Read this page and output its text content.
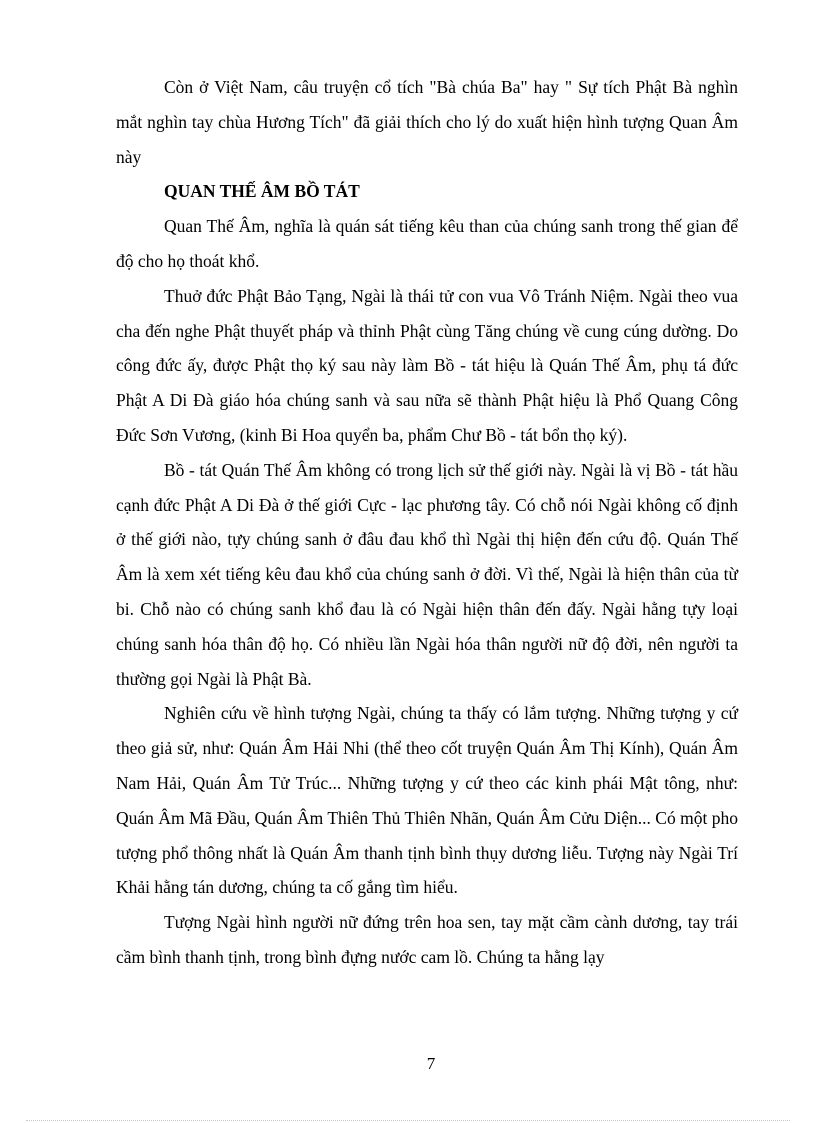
Còn ở Việt Nam, câu truyện cổ tích "Bà chúa Ba" hay " Sự tích Phật Bà nghìn mắt nghìn tay chùa Hương Tích" đã giải thích cho lý do xuất hiện hình tượng Quan Âm này

QUAN THẾ ÂM BỒ TÁT

Quan Thế Âm, nghĩa là quán sát tiếng kêu than của chúng sanh trong thế gian để độ cho họ thoát khổ.

Thuở đức Phật Bảo Tạng, Ngài là thái tử con vua Vô Tránh Niệm. Ngài theo vua cha đến nghe Phật thuyết pháp và thỉnh Phật cùng Tăng chúng về cung cúng dường. Do công đức ấy, được Phật thọ ký sau này làm Bồ - tát hiệu là Quán Thế Âm, phụ tá đức Phật A Di Đà giáo hóa chúng sanh và sau nữa sẽ thành Phật hiệu là Phổ Quang Công Đức Sơn Vương, (kinh Bi Hoa quyển ba, phẩm Chư Bồ - tát bổn thọ ký).

Bồ - tát Quán Thế Âm không có trong lịch sử thế giới này. Ngài là vị Bồ - tát hầu cạnh đức Phật A Di Đà ở thế giới Cực - lạc phương tây. Có chỗ nói Ngài không cố định ở thế giới nào, tựy chúng sanh ở đâu đau khổ thì Ngài thị hiện đến cứu độ. Quán Thế Âm là xem xét tiếng kêu đau khổ của chúng sanh ở đời. Vì thế, Ngài là hiện thân của từ bi. Chỗ nào có chúng sanh khổ đau là có Ngài hiện thân đến đấy. Ngài hằng tựy loại chúng sanh hóa thân độ họ. Có nhiều lần Ngài hóa thân người nữ độ đời, nên người ta thường gọi Ngài là Phật Bà.

Nghiên cứu về hình tượng Ngài, chúng ta thấy có lắm tượng. Những tượng y cứ theo giả sử, như: Quán Âm Hải Nhi (thể theo cốt truyện Quán Âm Thị Kính), Quán Âm Nam Hải, Quán Âm Tử Trúc... Những tượng y cứ theo các kinh phái Mật tông, như: Quán Âm Mã Đầu, Quán Âm Thiên Thủ Thiên Nhãn, Quán Âm Cửu Diện... Có một pho tượng phổ thông nhất là Quán Âm thanh tịnh bình thụy dương liễu. Tượng này Ngài Trí Khải hằng tán dương, chúng ta cố gắng tìm hiểu.

Tượng Ngài hình người nữ đứng trên hoa sen, tay mặt cầm cành dương, tay trái cầm bình thanh tịnh, trong bình đựng nước cam lồ. Chúng ta hằng lạy

7
